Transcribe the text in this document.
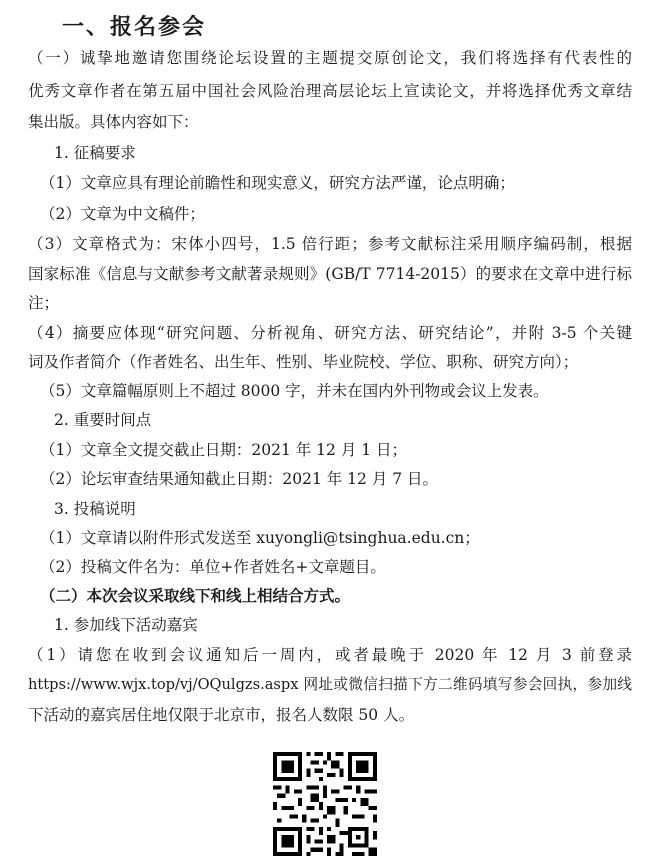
一、报名参会

（一）诚挚地邀请您围绕论坛设置的主题提交原创论文，我们将选择有代表性的

优秀文章作者在第五届中国社会风险治理高层论坛上宣读论文，并将选择优秀文章结

集出版。具体内容如下：

1. 征稿要求

（1）文章应具有理论前瞻性和现实意义，研究方法严谨，论点明确；

（2）文章为中文稿件；

（3）文章格式为：宋体小四号，1.5 倍行距；参考文献标注采用顺序编码制，根据

国家标准《信息与文献参考文献著录规则》(GB/T 7714-2015）的要求在文章中进行标

注；

（4）摘要应体现“研究问题、分析视角、研究方法、研究结论”，并附 3-5 个关键

词及作者简介（作者姓名、出生年、性别、毕业院校、学位、职称、研究方向）；

（5）文章篇幅原则上不超过 8000 字，并未在国内外刊物或会议上发表。

2. 重要时间点

（1）文章全文提交截止日期：2021 年 12 月 1 日；

（2）论坛审查结果通知截止日期：2021 年 12 月 7 日。

3. 投稿说明

（1）文章请以附件形式发送至 xuyongli@tsinghua.edu.cn；

（2）投稿文件名为：单位+作者姓名+文章题目。

（二）本次会议采取线下和线上相结合方式。

1. 参加线下活动嘉宾

（1）请您在收到会议通知后一周内，或者最晚于 2020 年 12 月 3 前登录

https://www.wjx.top/vj/OQulgzs.aspx 网址或微信扫描下方二维码填写参会回执，参加线

下活动的嘉宾居住地仅限于北京市，报名人数限 50 人。
